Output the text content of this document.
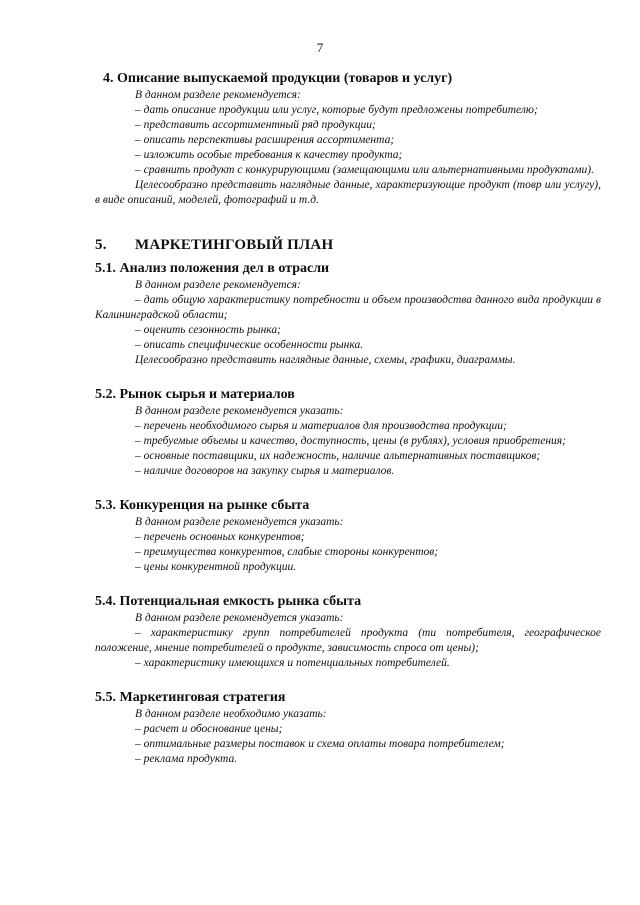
7
4. Описание выпускаемой продукции (товаров и услуг)

В данном разделе рекомендуется:

– дать описание продукции или услуг, которые будут предложены потребителю;

– представить ассортиментный ряд продукции;

– описать перспективы расширения ассортимента;

– изложить особые требования к качеству продукта;

– сравнить продукт с конкурирующими (замещающими или альтернативными продуктами).

Целесообразно представить наглядные данные, характеризующие продукт (товр или услугу), в виде описаний, моделей, фотографий и т.д.

5. МАРКЕТИНГОВЫЙ ПЛАН
5.1. Анализ положения дел в отрасли

В данном разделе рекомендуется:

– дать общую характеристику потребности и объем производства данного вида продукции в Калининградской области;

– оценить сезонность рынка;

– описать специфические особенности рынка.

Целесообразно представить наглядные данные, схемы, графики, диаграммы.

5.2. Рынок сырья и материалов

В данном разделе рекомендуется указать:

– перечень необходимого сырья и материалов для производства продукции;

– требуемые объемы и качество, доступность, цены (в рублях), условия приобретения;

– основные поставщики, их надежность, наличие альтернативных поставщиков;

– наличие договоров на закупку сырья и материалов.

5.3. Конкуренция на рынке сбыта

В данном разделе рекомендуется указать:

– перечень основных конкурентов;

– преимущества конкурентов, слабые стороны конкурентов;

– цены конкурентной продукции.

5.4. Потенциальная емкость рынка сбыта

В данном разделе рекомендуется указать:

– характеристику групп потребителей продукта (ти потребителя, географическое положение, мнение потребителей о продукте, зависимость спроса от цены);

– характеристику имеющихся и потенциальных потребителей.

5.5. Маркетинговая стратегия

В данном разделе необходимо указать:

– расчет и обоснование цены;

– оптимальные размеры поставок и схема оплаты товара потребителем;

– реклама продукта.
